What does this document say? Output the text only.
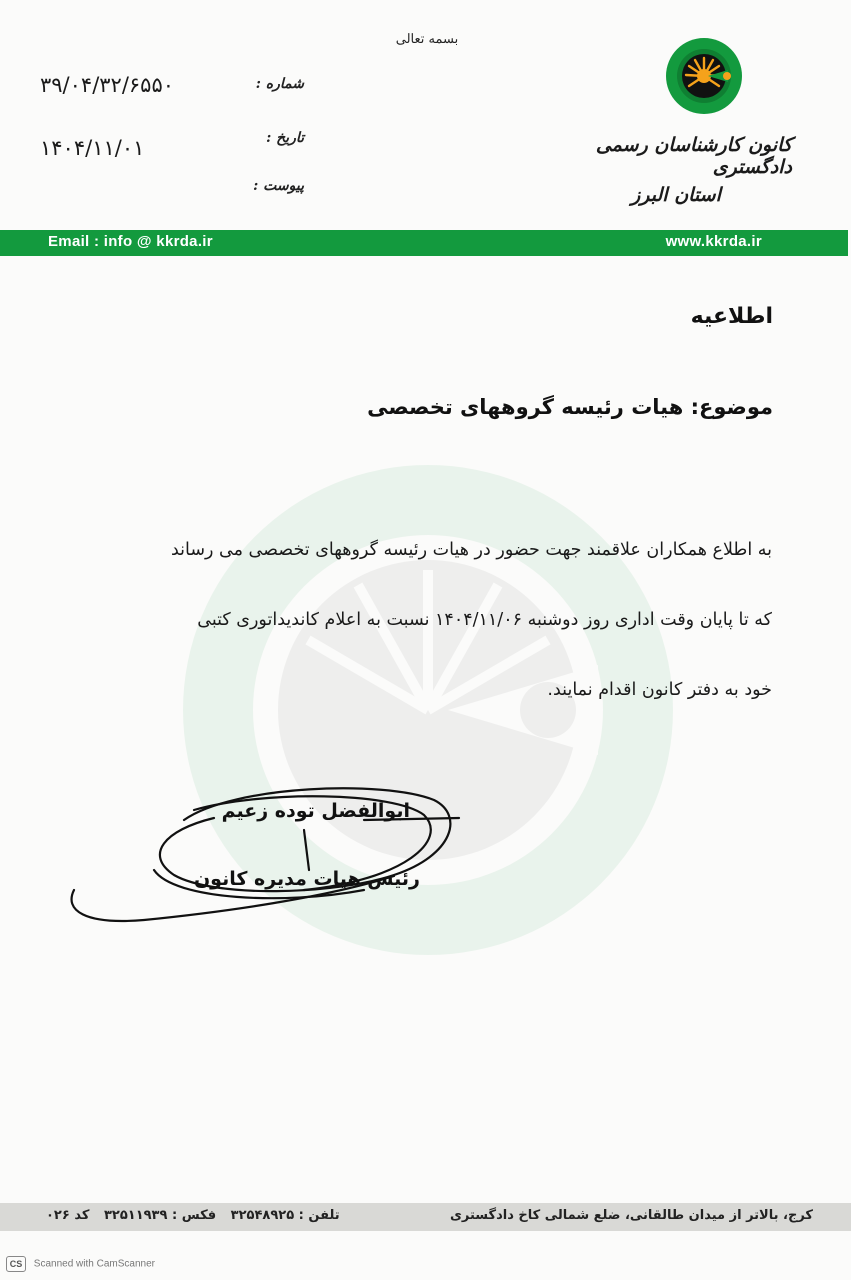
بسمه تعالی
کانون کارشناسان رسمی دادگستری
استان البرز
شماره :
۳۹/۰۴/۳۲/۶۵۵۰
تاریخ :
۱۴۰۴/۱۱/۰۱
پیوست :
Email : info @ kkrda.ir	www.kkrda.ir
اطلاعیه
موضوع: هیات رئیسه گروههای تخصصی
به اطلاع همکاران علاقمند جهت حضور در هیات رئیسه گروههای تخصصی می رساند
که تا پایان وقت اداری روز دوشنبه ۱۴۰۴/۱۱/۰۶ نسبت به اعلام کاندیداتوری کتبی
خود به دفتر کانون اقدام نمایند.
ابوالفضل توده زعیم
رئیس هیات مدیره کانون
کرج، بالاتر از میدان طالقانی، ضلع شمالی کاخ دادگستری
تلفن : ۳۲۵۴۸۹۲۵ فکس : ۳۲۵۱۱۹۳۹ کد ۰۲۶
CS Scanned with CamScanner
